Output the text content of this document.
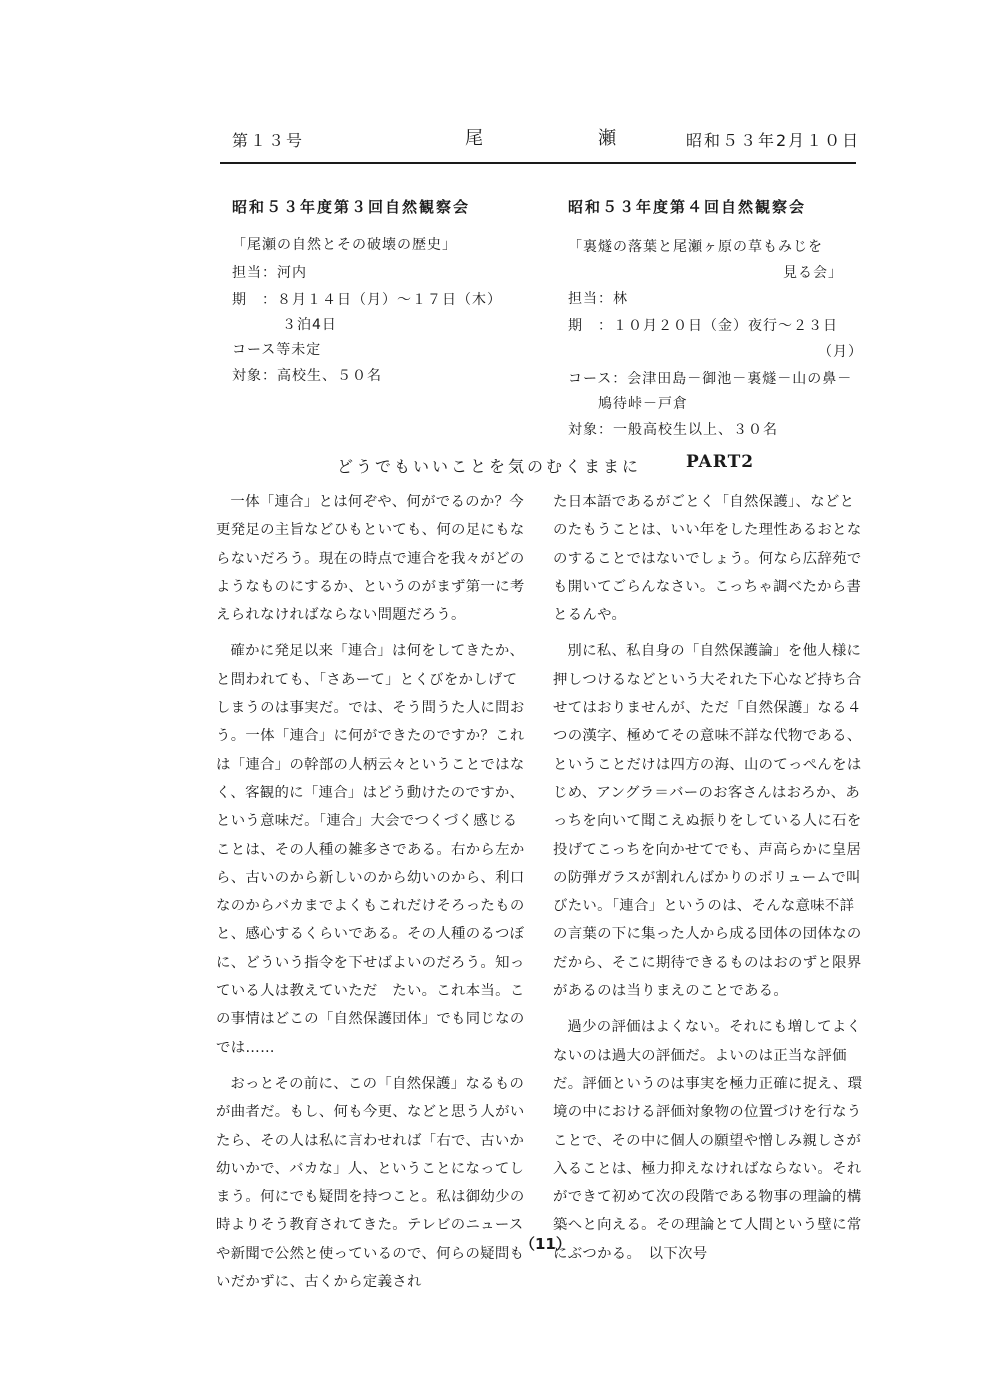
第１３号	尾	瀬	昭和５３年2月１０日
昭和５３年度第３回自然観察会
「尾瀬の自然とその破壊の歴史」
担当：河内
期　：８月１４日（月）～１７日（木）
３泊4日
コース等未定
対象：高校生、５０名
昭和５３年度第４回自然観察会
「裏燧の落葉と尾瀬ヶ原の草もみじを
見る会」
担当：林
期　：１０月２０日（金）夜行～２３日
（月）
コース：会津田島－御池－裏燧－山の鼻－
鳩待峠－戸倉
対象：一般高校生以上、３０名
どうでもいいことを気のむくままに	PART2

一体「連合」とは何ぞや、何がでるのか？今更発足の主旨などひもといても、何の足にもならないだろう。現在の時点で連合を我々がどのようなものにするか、というのがまず第一に考えられなければならない問題だろう。

確かに発足以来「連合」は何をしてきたか、と問われても、「さあーて」とくびをかしげてしまうのは事実だ。では、そう問うた人に問おう。一体「連合」に何ができたのですか？これは「連合」の幹部の人柄云々ということではなく、客観的に「連合」はどう動けたのですか、という意味だ。「連合」大会でつくづく感じることは、その人種の雑多さである。右から左から、古いのから新しいのから幼いのから、利口なのからバカまでよくもこれだけそろったものと、感心するくらいである。その人種のるつぼに、どういう指令を下せばよいのだろう。知っている人は教えていただ　たい。これ本当。この事情はどこの「自然保護団体」でも同じなのでは……

おっとその前に、この「自然保護」なるものが曲者だ。もし、何も今更、などと思う人がいたら、その人は私に言わせれば「右で、古いか幼いかで、バカな」人、ということになってしまう。何にでも疑問を持つこと。私は御幼少の時よりそう教育されてきた。テレビのニュースや新聞で公然と使っているので、何らの疑問もいだかずに、古くから定義され

た日本語であるがごとく「自然保護」、などとのたもうことは、いい年をした理性あるおとなのすることではないでしょう。何なら広辞苑でも開いてごらんなさい。こっちゃ調べたから書とるんや。

別に私、私自身の「自然保護論」を他人様に押しつけるなどという大それた下心など持ち合せてはおりませんが、ただ「自然保護」なる４つの漢字、極めてその意味不詳な代物である、ということだけは四方の海、山のてっぺんをはじめ、アングラ＝バーのお客さんはおろか、あっちを向いて聞こえぬ振りをしている人に石を投げてこっちを向かせてでも、声高らかに皇居の防弾ガラスが割れんばかりのボリュームで叫びたい。「連合」というのは、そんな意味不詳の言葉の下に集った人から成る団体の団体なのだから、そこに期待できるものはおのずと限界があるのは当りまえのことである。

過少の評価はよくない。それにも増してよくないのは過大の評価だ。よいのは正当な評価だ。評価というのは事実を極力正確に捉え、環境の中における評価対象物の位置づけを行なうことで、その中に個人の願望や憎しみ親しさが入ることは、極力抑えなければならない。それができて初めて次の段階である物事の理論的構築へと向える。その理論とて人間という壁に常にぶつかる。　以下次号

（11）
